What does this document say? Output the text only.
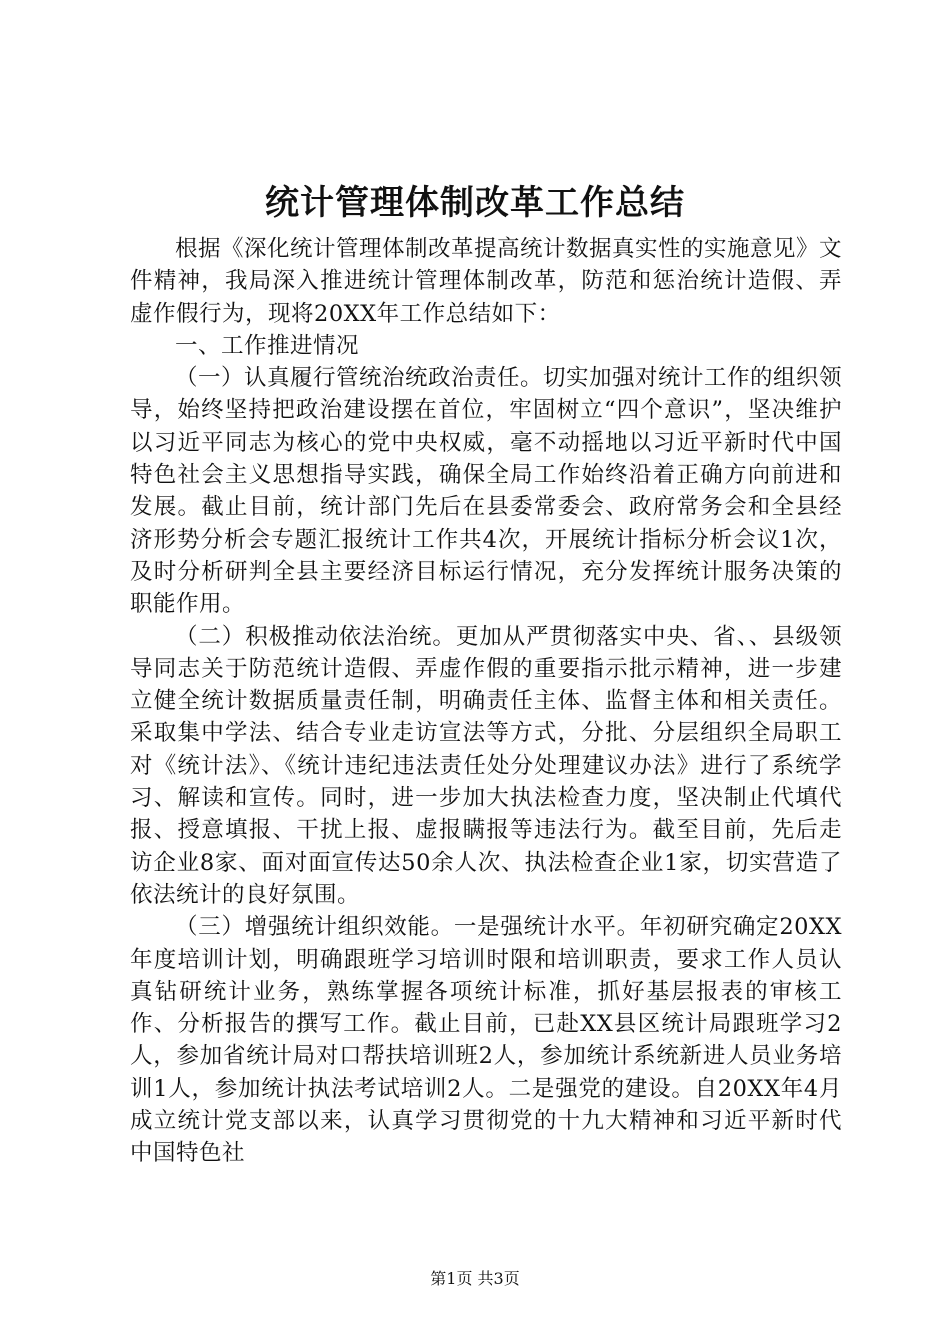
统计管理体制改革工作总结

根据《深化统计管理体制改革提高统计数据真实性的实施意见》文件精神，我局深入推进统计管理体制改革，防范和惩治统计造假、弄虚作假行为，现将20XX年工作总结如下：

一、工作推进情况

（一）认真履行管统治统政治责任。切实加强对统计工作的组织领导，始终坚持把政治建设摆在首位，牢固树立“四个意识”，坚决维护以习近平同志为核心的党中央权威，毫不动摇地以习近平新时代中国特色社会主义思想指导实践，确保全局工作始终沿着正确方向前进和发展。截止目前，统计部门先后在县委常委会、政府常务会和全县经济形势分析会专题汇报统计工作共4次，开展统计指标分析会议1次，及时分析研判全县主要经济目标运行情况，充分发挥统计服务决策的职能作用。

（二）积极推动依法治统。更加从严贯彻落实中央、省、、县级领导同志关于防范统计造假、弄虚作假的重要指示批示精神，进一步建立健全统计数据质量责任制，明确责任主体、监督主体和相关责任。采取集中学法、结合专业走访宣法等方式，分批、分层组织全局职工对《统计法》、《统计违纪违法责任处分处理建议办法》进行了系统学习、解读和宣传。同时，进一步加大执法检查力度，坚决制止代填代报、授意填报、干扰上报、虚报瞒报等违法行为。截至目前，先后走访企业8家、面对面宣传达50余人次、执法检查企业1家，切实营造了依法统计的良好氛围。

（三）增强统计组织效能。一是强统计水平。年初研究确定20XX年度培训计划，明确跟班学习培训时限和培训职责，要求工作人员认真钻研统计业务，熟练掌握各项统计标准，抓好基层报表的审核工作、分析报告的撰写工作。截止目前，已赴XX县区统计局跟班学习2人，参加省统计局对口帮扶培训班2人，参加统计系统新进人员业务培训1人，参加统计执法考试培训2人。二是强党的建设。自20XX年4月成立统计党支部以来，认真学习贯彻党的十九大精神和习近平新时代中国特色社

第1页 共3页
